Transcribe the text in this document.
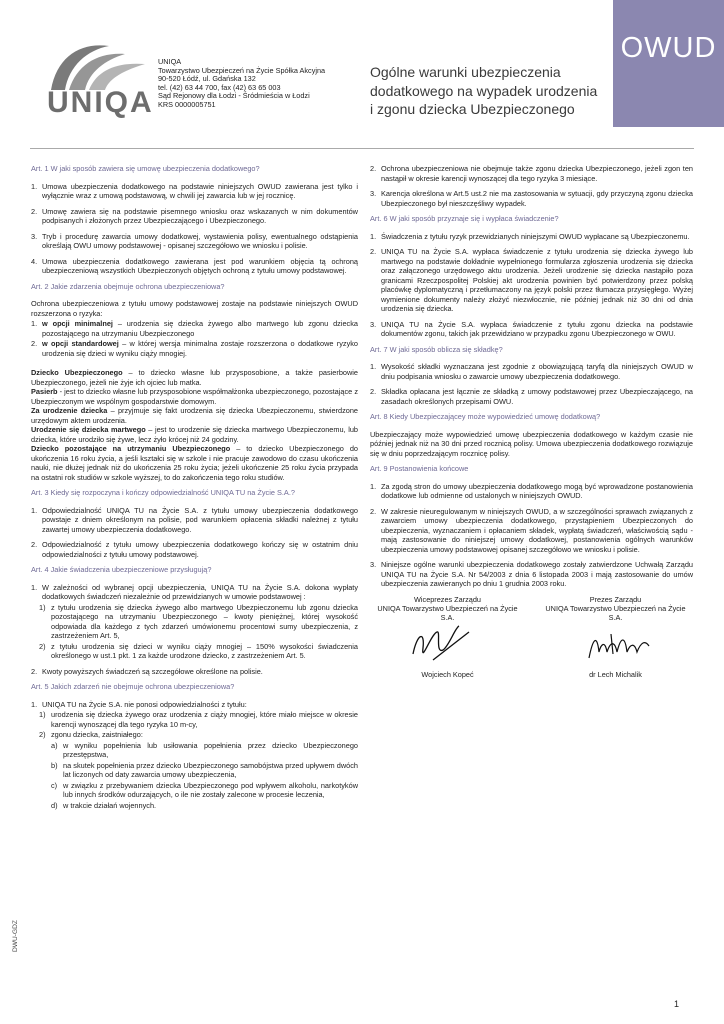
OWUD
UNIQA
UNIQA
Towarzystwo Ubezpieczeń na Życie Spółka Akcyjna
90-520 Łódź, ul. Gdańska 132
tel. (42) 63 44 700, fax (42) 63 65 003
Sąd Rejonowy dla Łodzi - Śródmieścia w Łodzi
KRS 0000005751
Ogólne warunki ubezpieczenia
dodatkowego na wypadek urodzenia
i zgonu dziecka Ubezpieczonego
Art. 1 W jaki sposób zawiera się umowę ubezpieczenia dodatkowego?
1. Umowa ubezpieczenia dodatkowego na podstawie niniejszych OWUD zawierana jest tylko i wyłącznie wraz z umową podstawową, w chwili jej zawarcia lub w jej rocznicę.
2. Umowę zawiera się na podstawie pisemnego wniosku oraz wskazanych w nim dokumentów podpisanych i złożonych przez Ubezpieczającego i Ubezpieczonego.
3. Tryb i procedurę zawarcia umowy dodatkowej, wystawienia polisy, ewentualnego odstąpienia określają OWU umowy podstawowej - opisanej szczegółowo we wniosku i polisie.
4. Umowa ubezpieczenia dodatkowego zawierana jest pod warunkiem objęcia tą ochroną ubezpieczeniową wszystkich Ubezpieczonych objętych ochroną z tytułu umowy podstawowej.
Art. 2 Jakie zdarzenia obejmuje ochrona ubezpieczeniowa?
Ochrona ubezpieczeniowa z tytułu umowy podstawowej zostaje na podstawie niniejszych OWUD rozszerzona o ryzyka:
1. w opcji minimalnej – urodzenia się dziecka żywego albo martwego lub zgonu dziecka pozostającego na utrzymaniu Ubezpieczonego
2. w opcji standardowej – w której wersja minimalna zostaje rozszerzona o dodatkowe ryzyko urodzenia się dzieci w wyniku ciąży mnogiej.
Dziecko Ubezpieczonego – to dziecko własne lub przysposobione, a także pasierbowie Ubezpieczonego, jeżeli nie żyje ich ojciec lub matka.
Pasierb - jest to dziecko własne lub przysposobione współmałżonka ubezpieczonego, pozostające z Ubezpieczonym we wspólnym gospodarstwie domowym.
Za urodzenie dziecka – przyjmuje się fakt urodzenia się dziecka Ubezpieczonemu, stwierdzone urzędowym aktem urodzenia.
Urodzenie się dziecka martwego – jest to urodzenie się dziecka martwego Ubezpieczonemu, lub dziecka, które urodziło się żywe, lecz żyło krócej niż 24 godziny.
Dziecko pozostające na utrzymaniu Ubezpieczonego – to dziecko Ubezpieczonego do ukończenia 16 roku życia, a jeśli kształci się w szkole i nie pracuje zawodowo do czasu ukończenia nauki, nie dłużej jednak niż do ukończenia 25 roku życia; jeżeli ukończenie 25 roku życia przypada na ostatni rok studiów w szkole wyższej, to do zakończenia tego roku studiów.
Art. 3 Kiedy się rozpoczyna i kończy odpowiedzialność UNIQA TU na Życie S.A.?
1. Odpowiedzialność UNIQA TU na Życie S.A. z tytułu umowy ubezpieczenia dodatkowego powstaje z dniem określonym na polisie, pod warunkiem opłacenia składki należnej z tytułu zawartej umowy ubezpieczenia dodatkowego.
2. Odpowiedzialność z tytułu umowy ubezpieczenia dodatkowego kończy się w ostatnim dniu odpowiedzialności z tytułu umowy podstawowej.
Art. 4 Jakie świadczenia ubezpieczeniowe przysługują?
1. W zależności od wybranej opcji ubezpieczenia, UNIQA TU na Życie S.A. dokona wypłaty dodatkowych świadczeń niezależnie od przewidzianych w umowie podstawowej :
1) z tytułu urodzenia się dziecka żywego albo martwego Ubezpieczonemu lub zgonu dziecka pozostającego na utrzymaniu Ubezpieczonego – kwoty pieniężnej, której wysokość odpowiada dla każdego z tych zdarzeń umówionemu procentowi sumy ubezpieczenia, z zastrzeżeniem Art. 5,
2) z tytułu urodzenia się dzieci w wyniku ciąży mnogiej – 150% wysokości świadczenia określonego w ust.1 pkt. 1 za każde urodzone dziecko, z zastrzeżeniem Art. 5.
2. Kwoty powyższych świadczeń są szczegółowe określone na polisie.
Art. 5 Jakich zdarzeń nie obejmuje ochrona ubezpieczeniowa?
1. UNIQA TU na Życie S.A. nie ponosi odpowiedzialności z tytułu:
1) urodzenia się dziecka żywego oraz urodzenia z ciąży mnogiej, które miało miejsce w okresie karencji wynoszącej dla tego ryzyka 10 m-cy,
2) zgonu dziecka, zaistniałego:
a) w wyniku popełnienia lub usiłowania popełnienia przez dziecko Ubezpieczonego przestępstwa,
b) na skutek popełnienia przez dziecko Ubezpieczonego samobójstwa przed upływem dwóch lat liczonych od daty zawarcia umowy ubezpieczenia,
c) w związku z przebywaniem dziecka Ubezpieczonego pod wpływem alkoholu, narkotyków lub innych środków odurzających, o ile nie zostały zalecone w procesie leczenia,
d) w trakcie działań wojennych.
2. Ochrona ubezpieczeniowa nie obejmuje także zgonu dziecka Ubezpieczonego, jeżeli zgon ten nastąpił w okresie karencji wynoszącej dla tego ryzyka 3 miesiące.
3. Karencja określona w Art.5 ust.2 nie ma zastosowania w sytuacji, gdy przyczyną zgonu dziecka Ubezpieczonego był nieszczęśliwy wypadek.
Art. 6 W jaki sposób przyznaje się i wypłaca świadczenie?
1. Świadczenia z tytułu ryzyk przewidzianych niniejszymi OWUD wypłacane są Ubezpieczonemu.
2. UNIQA TU na Życie S.A. wypłaca świadczenie z tytułu urodzenia się dziecka żywego lub martwego na podstawie dokładnie wypełnionego formularza zgłoszenia urodzenia się dziecka oraz załączonego urzędowego aktu urodzenia. Jeżeli urodzenie się dziecka nastąpiło poza granicami Rzeczpospolitej Polskiej akt urodzenia powinien być potwierdzony przez polską placówkę dyplomatyczną i przetłumaczony na język polski przez tłumacza przysięgłego. Wyżej wymienione dokumenty należy złożyć niezwłocznie, nie później jednak niż 30 dni od dnia urodzenia się dziecka.
3. UNIQA TU na Życie S.A. wypłaca świadczenie z tytułu zgonu dziecka na podstawie dokumentów zgonu, takich jak przewidziano w przypadku zgonu Ubezpieczonego w OWU.
Art. 7 W jaki sposób oblicza się składkę?
1. Wysokość składki wyznaczana jest zgodnie z obowiązującą taryfą dla niniejszych OWUD w dniu podpisania wniosku o zawarcie umowy ubezpieczenia dodatkowego.
2. Składka opłacana jest łącznie ze składką z umowy podstawowej przez Ubezpieczającego, na zasadach określonych przepisami OWU.
Art. 8 Kiedy Ubezpieczającey może wypowiedzieć umowę dodatkową?
Ubezpieczający może wypowiedzieć umowę ubezpieczenia dodatkowego w każdym czasie nie później jednak niż na 30 dni przed rocznicą polisy. Umowa ubezpieczenia dodatkowego rozwiązuje się w dniu poprzedzającym rocznicę polisy.
Art. 9 Postanowienia końcowe
1. Za zgodą stron do umowy ubezpieczenia dodatkowego mogą być wprowadzone postanowienia dodatkowe lub odmienne od ustalonych w niniejszych OWUD.
2. W zakresie nieuregulowanym w niniejszych OWUD, a w szczególności sprawach związanych z zawarciem umowy ubezpieczenia dodatkowego, przystąpieniem Ubezpieczonych do ubezpieczenia, wyznaczaniem i opłacaniem składek, wypłatą świadczeń, właściwością sądu - mają zastosowanie do niniejszej umowy dodatkowej, postanowienia ogólnych warunków ubezpieczenia umowy podstawowej opisanej szczegółowo we wniosku i polisie.
3. Niniejsze ogólne warunki ubezpieczenia dodatkowego zostały zatwierdzone Uchwałą Zarządu UNIQA TU na Życie S.A. Nr 54/2003 z dnia 6 listopada 2003 i mają zastosowanie do umów ubezpieczenia zawieranych po dniu 1 grudnia 2003 roku.
Wiceprezes Zarządu
UNIQA Towarzystwo Ubezpieczeń na Życie S.A.
Wojciech Kopeć
Prezes Zarządu
UNIQA Towarzystwo Ubezpieczeń na Życie S.A.
dr Lech Michalik
DWU-GDZ
1
